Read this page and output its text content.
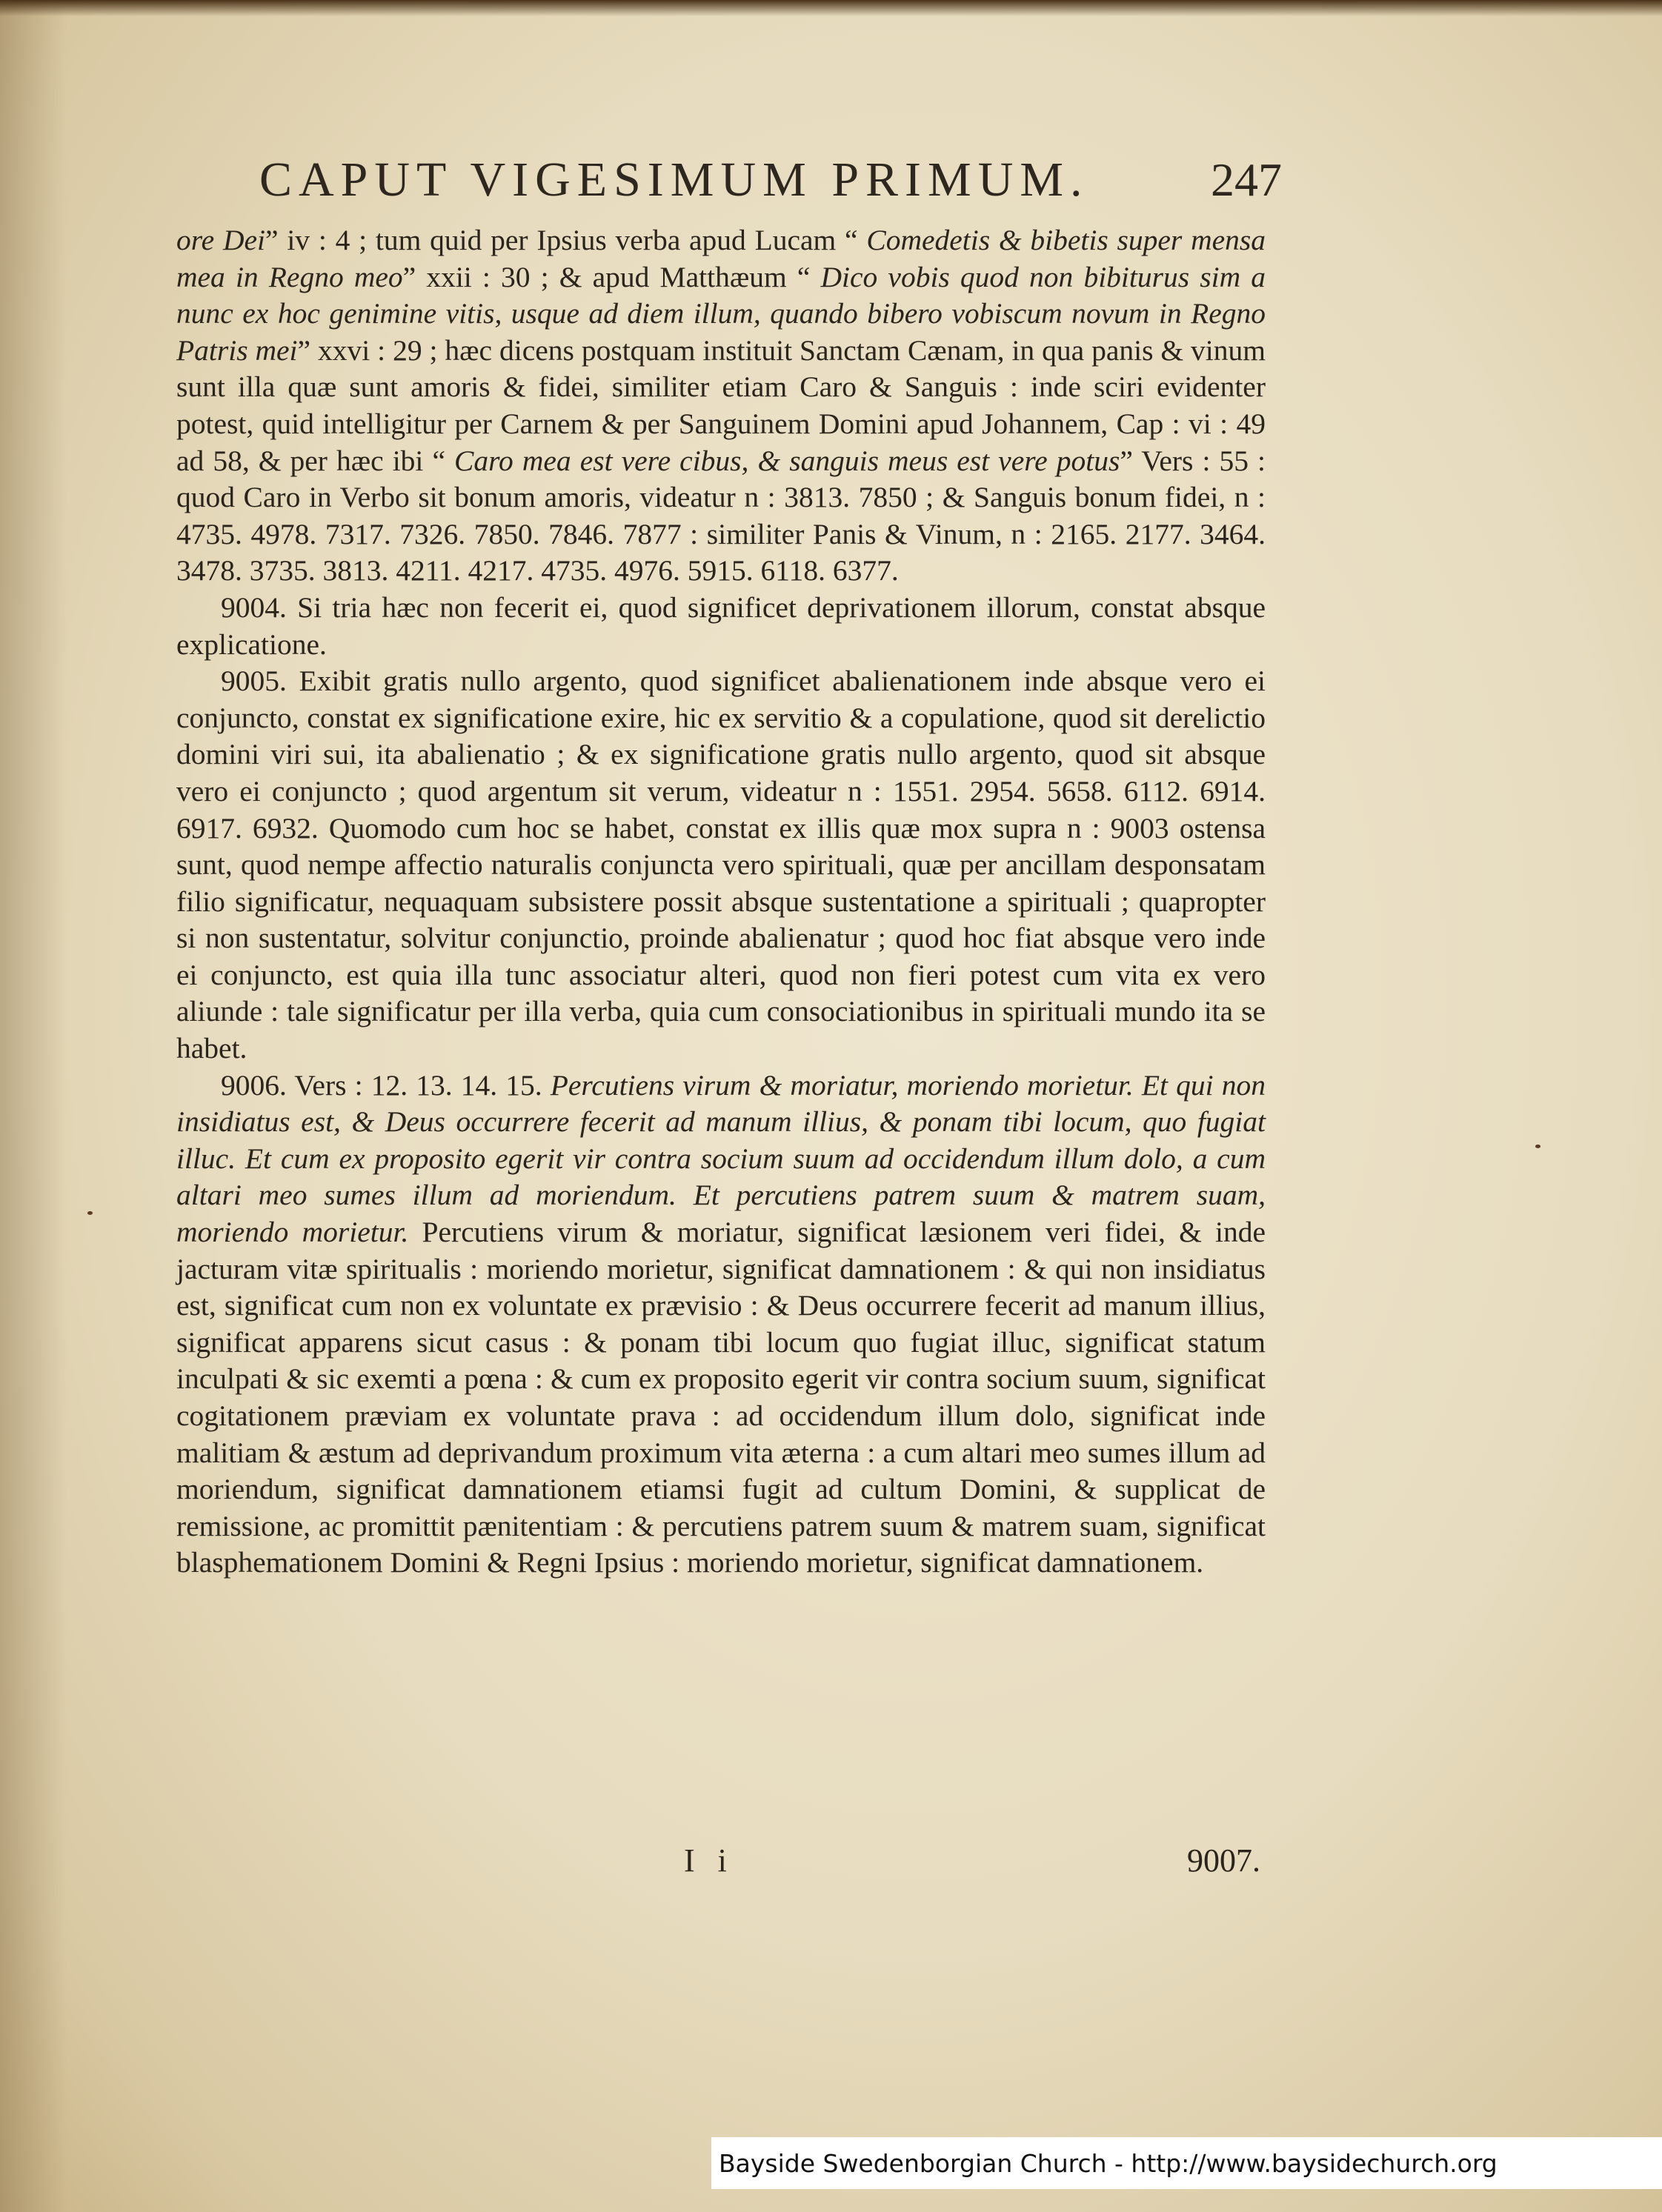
CAPUT VIGESIMUM PRIMUM.	247

ore Dei” iv : 4 ; tum quid per Ipsius verba apud Lucam “ Comedetis & bibetis super mensa mea in Regno meo” xxii : 30 ; & apud Matthæum “ Dico vobis quod non bibiturus sim a nunc ex hoc genimine vitis, usque ad diem illum, quando bibero vobiscum novum in Regno Patris mei” xxvi : 29 ; hæc dicens postquam instituit Sanctam Cænam, in qua panis & vinum sunt illa quæ sunt amoris & fidei, similiter etiam Caro & Sanguis : inde sciri evidenter potest, quid intelligitur per Carnem & per Sanguinem Domini apud Johannem, Cap : vi : 49 ad 58, & per hæc ibi “ Caro mea est vere cibus, & sanguis meus est vere potus” Vers : 55 : quod Caro in Verbo sit bonum amoris, videatur n : 3813. 7850 ; & Sanguis bonum fidei, n : 4735. 4978. 7317. 7326. 7850. 7846. 7877 : similiter Panis & Vinum, n : 2165. 2177. 3464. 3478. 3735. 3813. 4211. 4217. 4735. 4976. 5915. 6118. 6377.

9004. Si tria hæc non fecerit ei, quod significet deprivationem illorum, constat absque explicatione.

9005. Exibit gratis nullo argento, quod significet abalienationem inde absque vero ei conjuncto, constat ex significatione exire, hic ex servitio & a copulatione, quod sit derelictio domini viri sui, ita abalienatio ; & ex significatione gratis nullo argento, quod sit absque vero ei conjuncto ; quod argentum sit verum, videatur n : 1551. 2954. 5658. 6112. 6914. 6917. 6932. Quomodo cum hoc se habet, constat ex illis quæ mox supra n : 9003 ostensa sunt, quod nempe affectio naturalis conjuncta vero spirituali, quæ per ancillam desponsatam filio significatur, nequaquam subsistere possit absque sustentatione a spirituali ; quapropter si non sustentatur, solvitur conjunctio, proinde abalienatur ; quod hoc fiat absque vero inde ei conjuncto, est quia illa tunc associatur alteri, quod non fieri potest cum vita ex vero aliunde : tale significatur per illa verba, quia cum consociationibus in spirituali mundo ita se habet.

9006. Vers : 12. 13. 14. 15. Percutiens virum & moriatur, moriendo morietur. Et qui non insidiatus est, & Deus occurrere fecerit ad manum illius, & ponam tibi locum, quo fugiat illuc. Et cum ex proposito egerit vir contra socium suum ad occidendum illum dolo, a cum altari meo sumes illum ad moriendum. Et percutiens patrem suum & matrem suam, moriendo morietur. Percutiens virum & moriatur, significat læsionem veri fidei, & inde jacturam vitæ spiritualis : moriendo morietur, significat damnationem : & qui non insidiatus est, significat cum non ex voluntate ex prævisio : & Deus occurrere fecerit ad manum illius, significat apparens sicut casus : & ponam tibi locum quo fugiat illuc, significat statum inculpati & sic exemti a pœna : & cum ex proposito egerit vir contra socium suum, significat cogitationem præviam ex voluntate prava : ad occidendum illum dolo, significat inde malitiam & æstum ad deprivandum proximum vita æterna : a cum altari meo sumes illum ad moriendum, significat damnationem etiamsi fugit ad cultum Domini, & supplicat de remissione, ac promittit pænitentiam : & percutiens patrem suum & matrem suam, significat blasphemationem Domini & Regni Ipsius : moriendo morietur, significat damnationem.

I i	9007.
Bayside Swedenborgian Church - http://www.baysidechurch.org
